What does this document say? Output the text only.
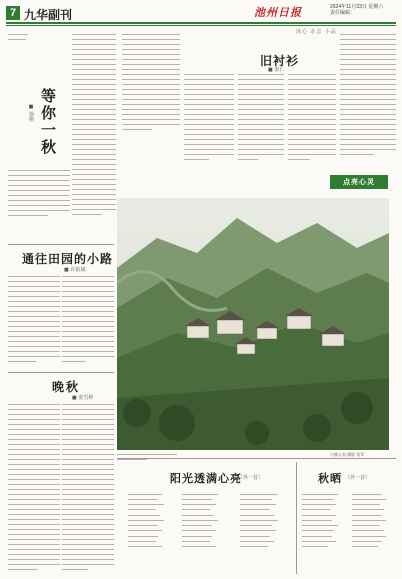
7 九华副刊	池州日报	2024年11月23日 星期六
责任编辑：
冰心 杂志 小品
等你一秋
■ 徐刚
旧衬衫
■ 张仁
点亮心灵
通往田园的小路
■ 许拓斌
晚秋
■ 张雪婷
小镇人家 摄影 张军
阳光透满心亮
（外一首）	秋晒 （外一首）
